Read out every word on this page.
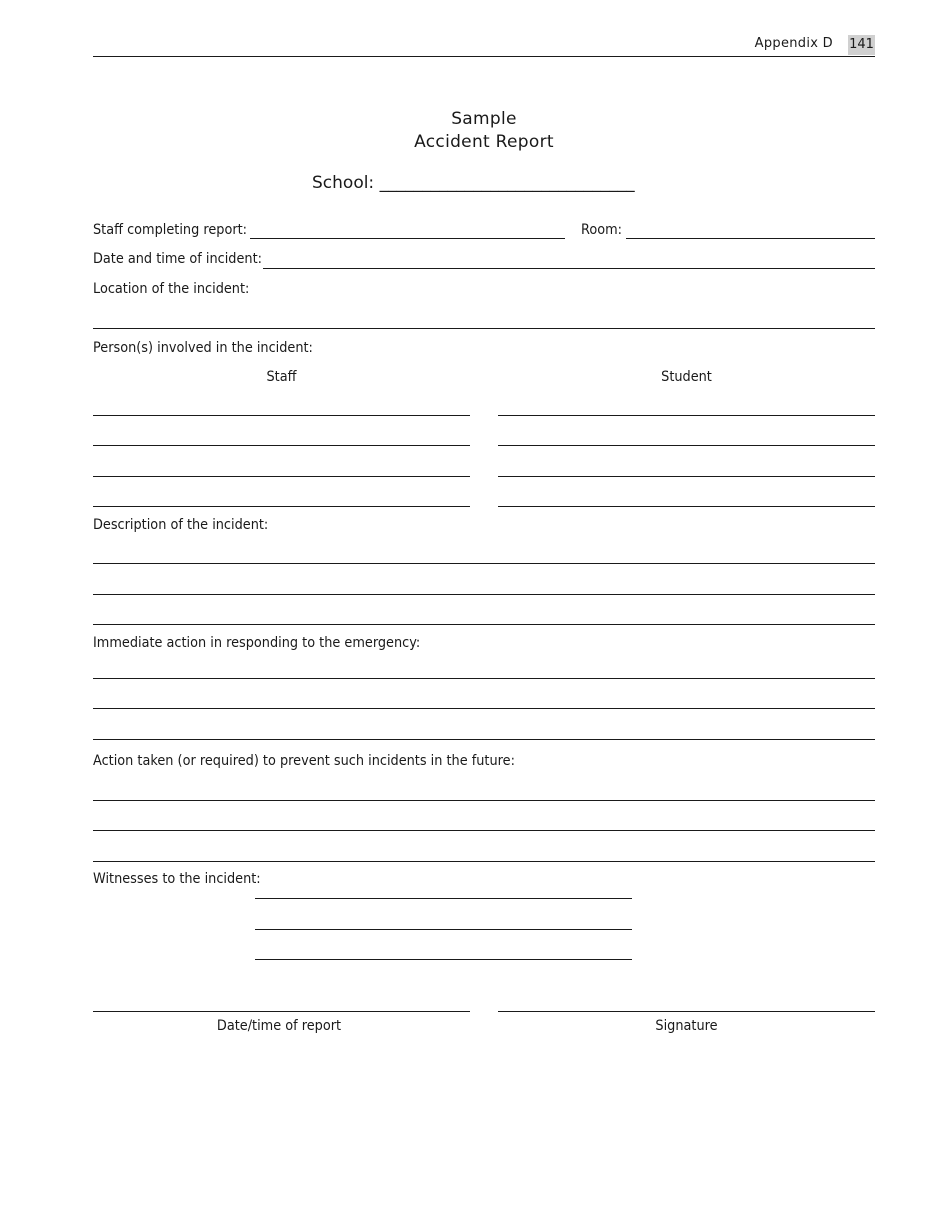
Appendix D 141
Sample
Accident Report
School: ______________________________
Staff completing report:	Room:
Date and time of incident:
Location of the incident:
Person(s) involved in the incident:
Staff	Student
Description of the incident:
Immediate action in responding to the emergency:
Action taken (or required) to prevent such incidents in the future:
Witnesses to the incident:
Date/time of report	Signature
